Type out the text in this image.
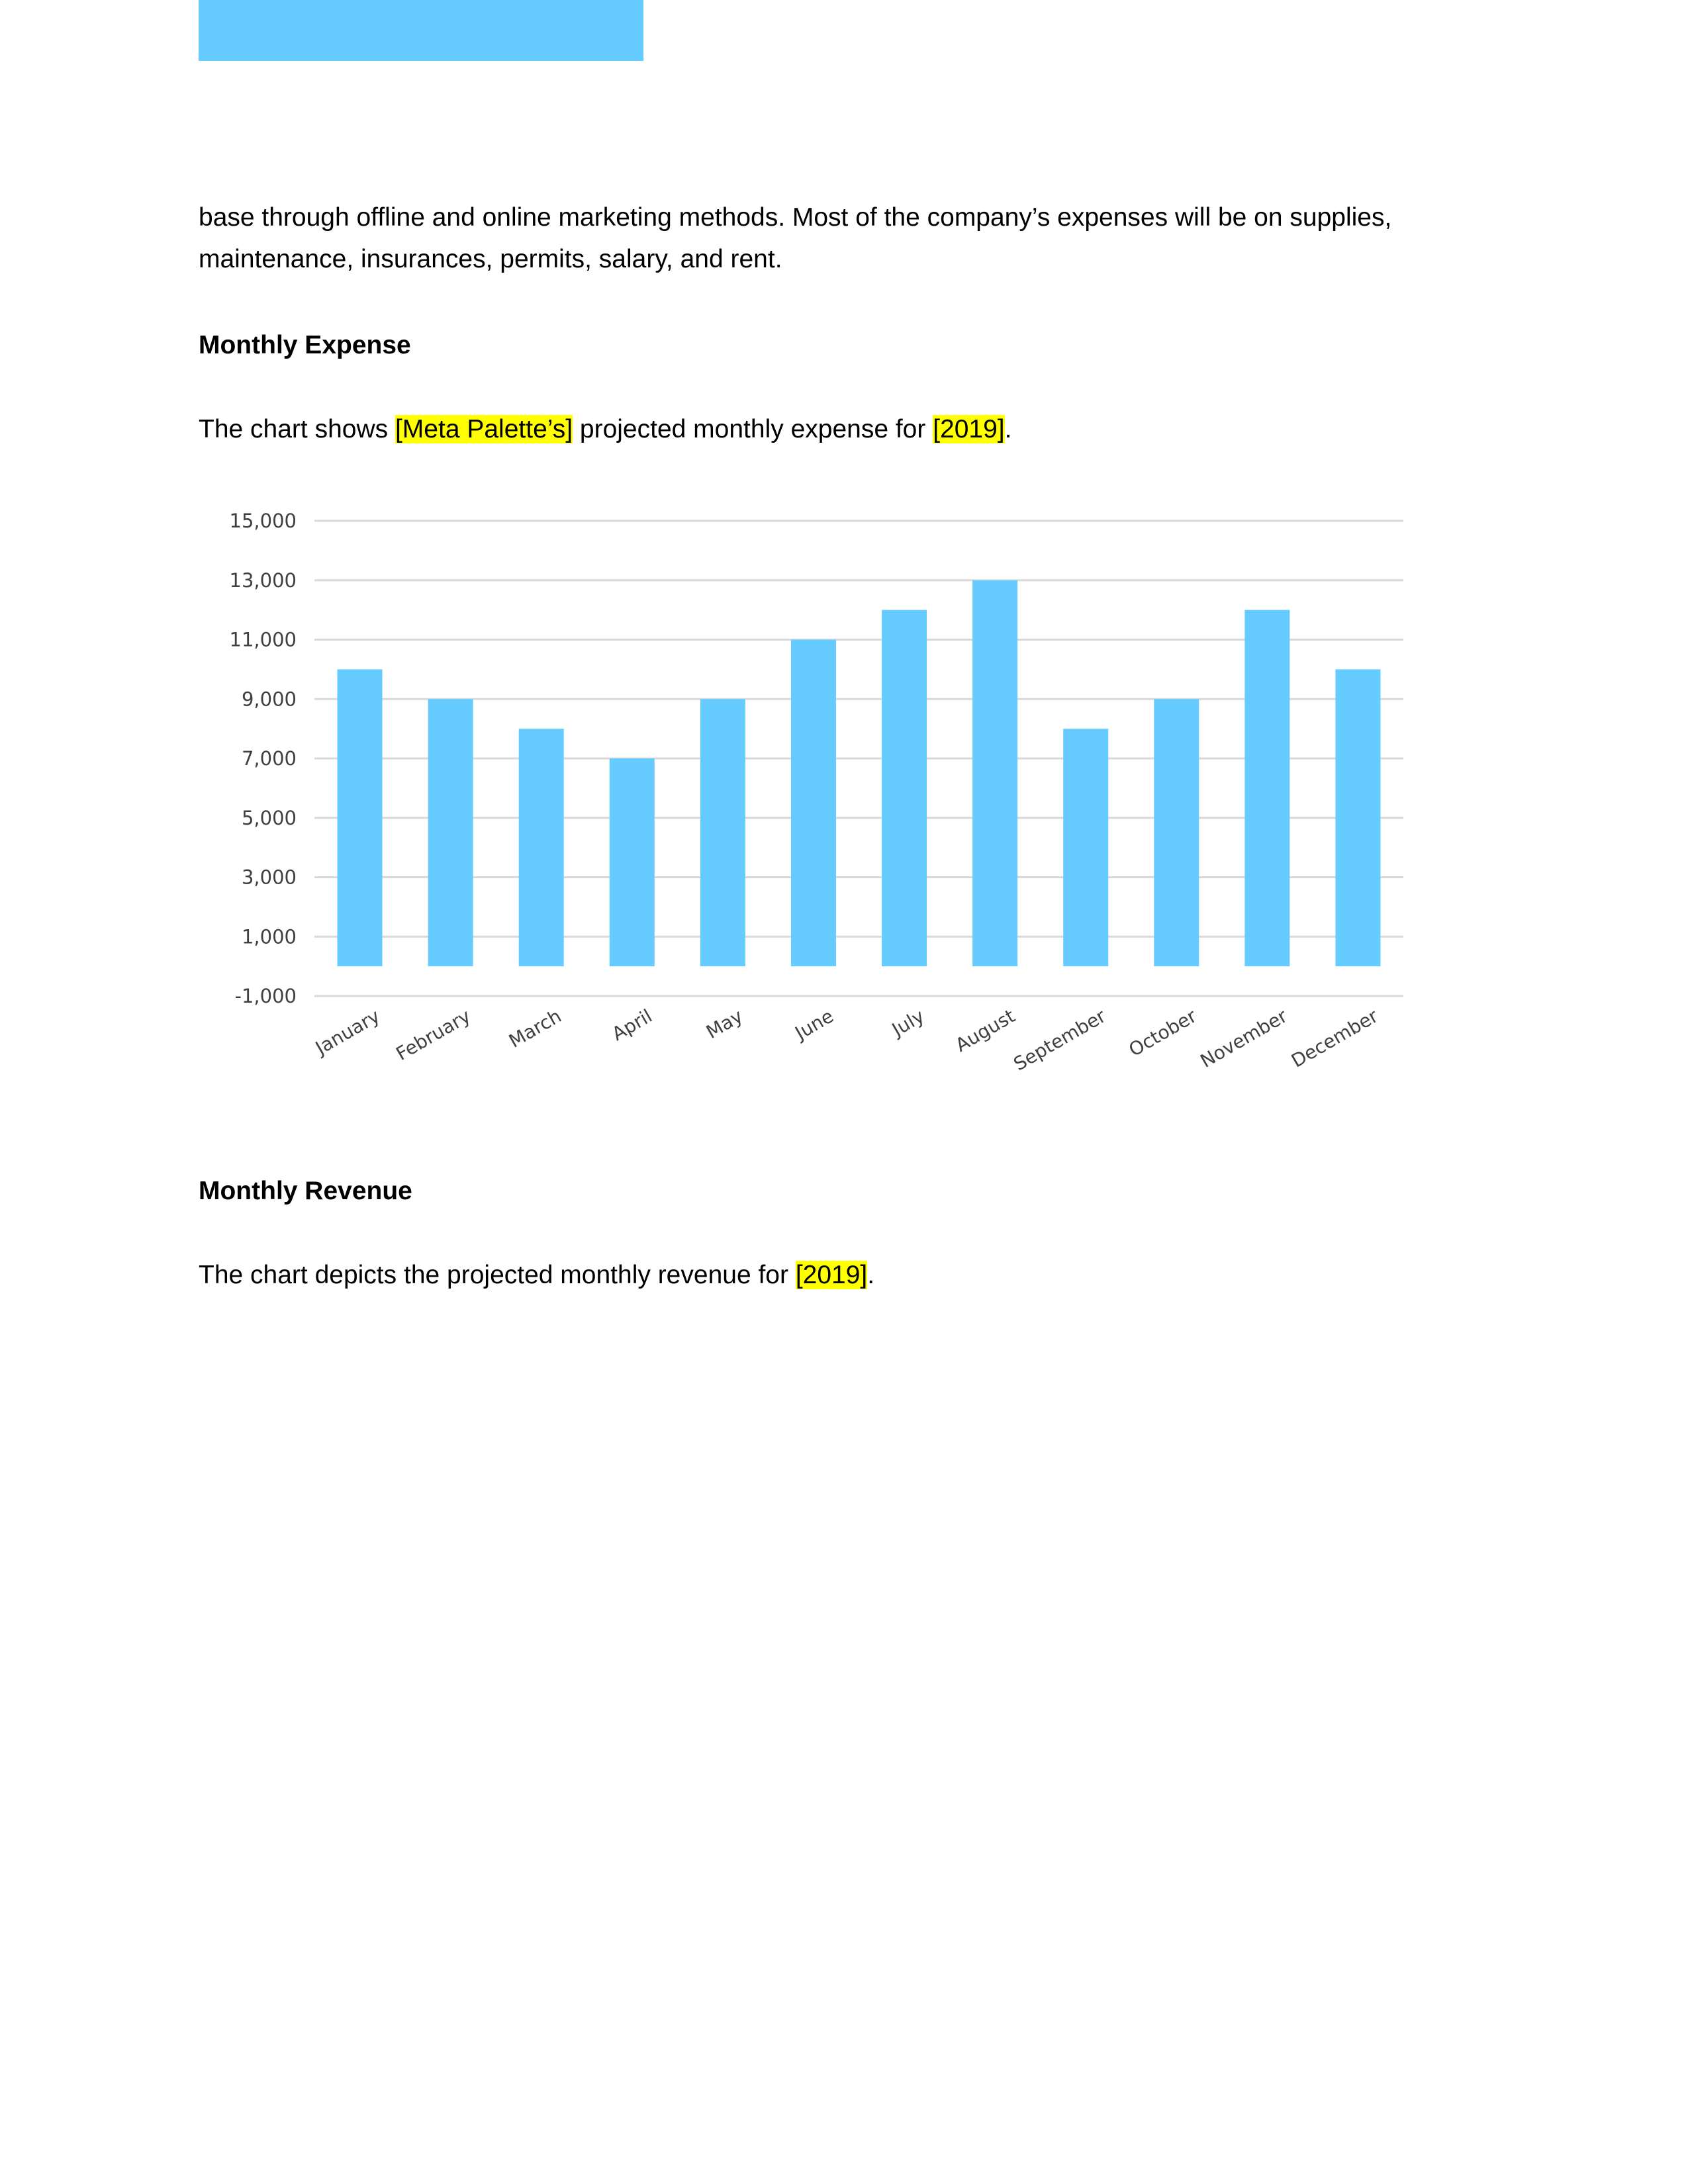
base through offline and online marketing methods. Most of the company’s expenses will be on supplies, maintenance, insurances, permits, salary, and rent.

Monthly Expense

The chart shows [Meta Palette’s] projected monthly expense for [2019].

15,000
13,000
11,000
9,000
7,000
5,000
3,000
1,000
-1,000
January February March April	May June	July August
September October
November
December
Monthly Revenue

The chart depicts the projected monthly revenue for [2019].
